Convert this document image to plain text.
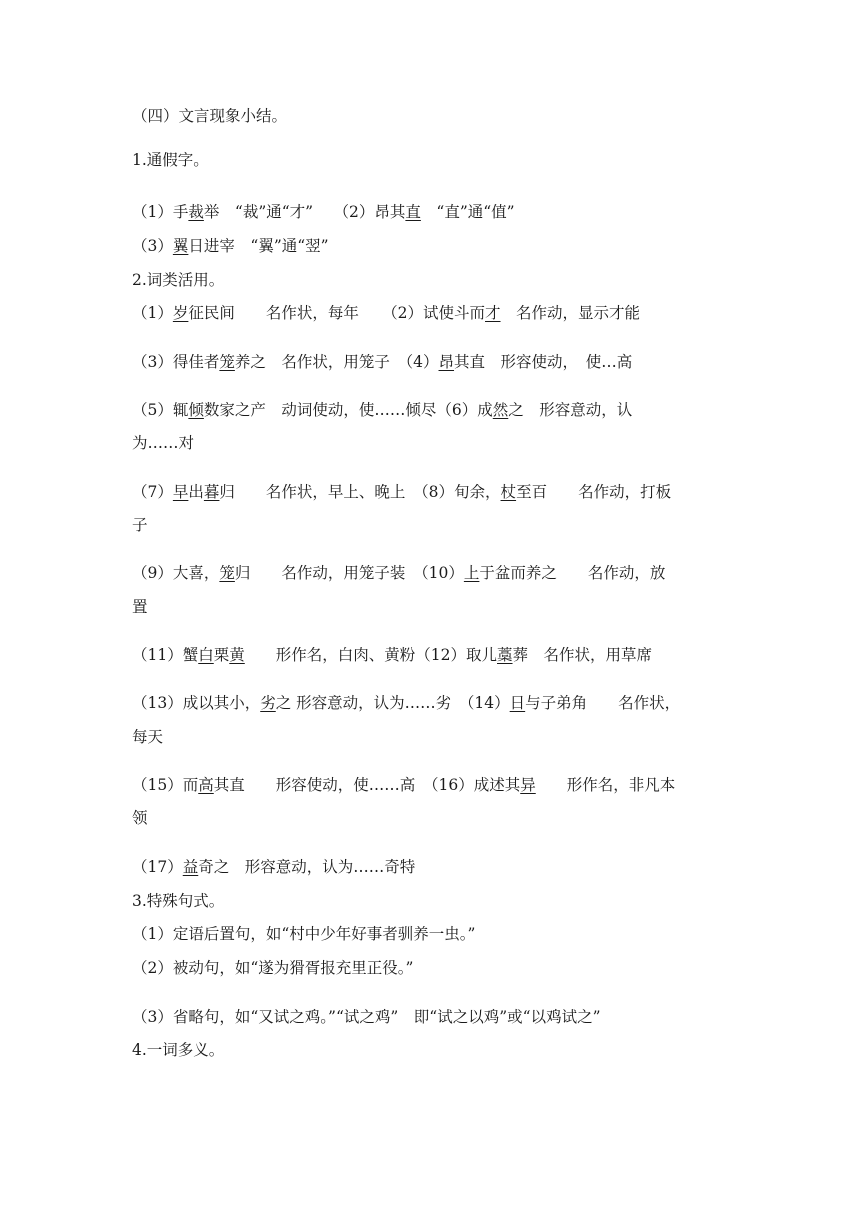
（四）文言现象小结。
1.通假字。
（1）手裁举　“裁”通“才”　 （2）昂其直　“直”通“值”
（3）翼日进宰　“翼”通“翌”
2.词类活用。
（1）岁征民间　　名作状，每年　　（2）试使斗而才　名作动，显示才能
（3）得佳者笼养之　名作状，用笼子　（4）昂其直　形容使动，　使…高
（5）辄倾数家之产　动词使动，使……倾尽（6）成然之　形容意动，认
为……对
（7）早出暮归　　名作状，早上、晚上　（8）旬余，杖至百　　名作动，打板
子
（9）大喜，笼归　　名作动，用笼子装　（10）上于盆而养之　　名作动，放
置
（11）蟹白栗黄　　形作名，白肉、黄粉（12）取儿藁葬　名作状，用草席
（13）成以其小，劣之 形容意动，认为……劣　（14）日与子弟角　　名作状，
每天
（15）而高其直　　形容使动，使……高　（16）成述其异　　形作名，非凡本
领
（17）益奇之　形容意动，认为……奇特
3.特殊句式。
（1）定语后置句，如“村中少年好事者驯养一虫。”
（2）被动句，如“遂为猾胥报充里正役。”
（3）省略句，如“又试之鸡。”“试之鸡”　即“试之以鸡”或“以鸡试之”
4.一词多义。
